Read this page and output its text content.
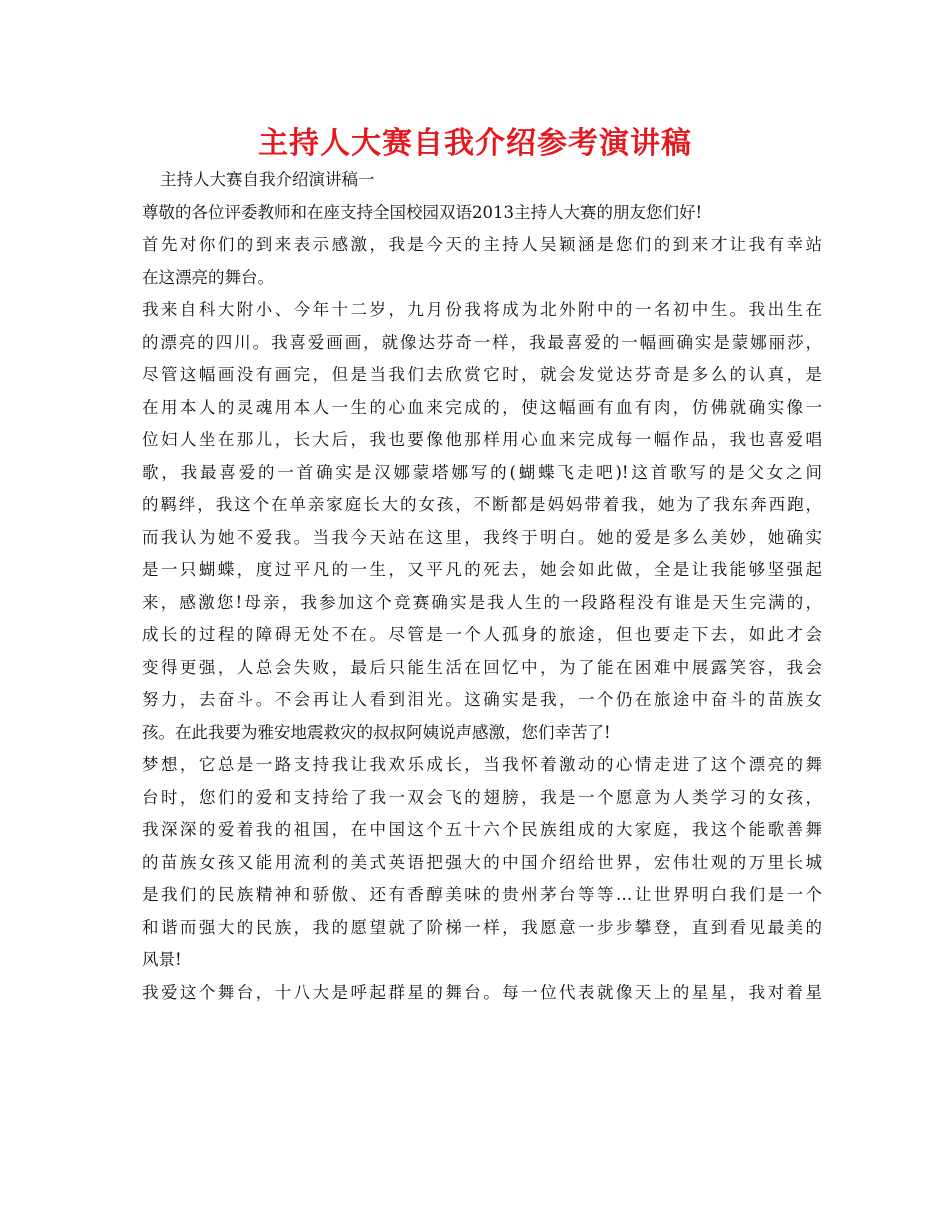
主持人大赛自我介绍参考演讲稿
主持人大赛自我介绍演讲稿一
尊敬的各位评委教师和在座支持全国校园双语2013主持人大赛的朋友您们好!
首先对你们的到来表示感激，我是今天的主持人吴颖涵是您们的到来才让我有幸站
在这漂亮的舞台。
我来自科大附小、今年十二岁，九月份我将成为北外附中的一名初中生。我出生在
的漂亮的四川。我喜爱画画，就像达芬奇一样，我最喜爱的一幅画确实是蒙娜丽莎，
尽管这幅画没有画完，但是当我们去欣赏它时，就会发觉达芬奇是多么的认真，是
在用本人的灵魂用本人一生的心血来完成的，使这幅画有血有肉，仿佛就确实像一
位妇人坐在那儿，长大后，我也要像他那样用心血来完成每一幅作品，我也喜爱唱
歌，我最喜爱的一首确实是汉娜蒙塔娜写的(蝴蝶飞走吧)!这首歌写的是父女之间
的羁绊，我这个在单亲家庭长大的女孩，不断都是妈妈带着我，她为了我东奔西跑，
而我认为她不爱我。当我今天站在这里，我终于明白。她的爱是多么美妙，她确实
是一只蝴蝶，度过平凡的一生，又平凡的死去，她会如此做，全是让我能够坚强起
来，感激您!母亲，我参加这个竞赛确实是我人生的一段路程没有谁是天生完满的，
成长的过程的障碍无处不在。尽管是一个人孤身的旅途，但也要走下去，如此才会
变得更强，人总会失败，最后只能生活在回忆中，为了能在困难中展露笑容，我会
努力，去奋斗。不会再让人看到泪光。这确实是我，一个仍在旅途中奋斗的苗族女
孩。在此我要为雅安地震救灾的叔叔阿姨说声感激，您们幸苦了!
梦想，它总是一路支持我让我欢乐成长，当我怀着激动的心情走进了这个漂亮的舞
台时，您们的爱和支持给了我一双会飞的翅膀，我是一个愿意为人类学习的女孩，
我深深的爱着我的祖国，在中国这个五十六个民族组成的大家庭，我这个能歌善舞
的苗族女孩又能用流利的美式英语把强大的中国介绍给世界，宏伟壮观的万里长城
是我们的民族精神和骄傲、还有香醇美味的贵州茅台等等…让世界明白我们是一个
和谐而强大的民族，我的愿望就了阶梯一样，我愿意一步步攀登，直到看见最美的
风景!
我爱这个舞台，十八大是呼起群星的舞台。每一位代表就像天上的星星，我对着星
